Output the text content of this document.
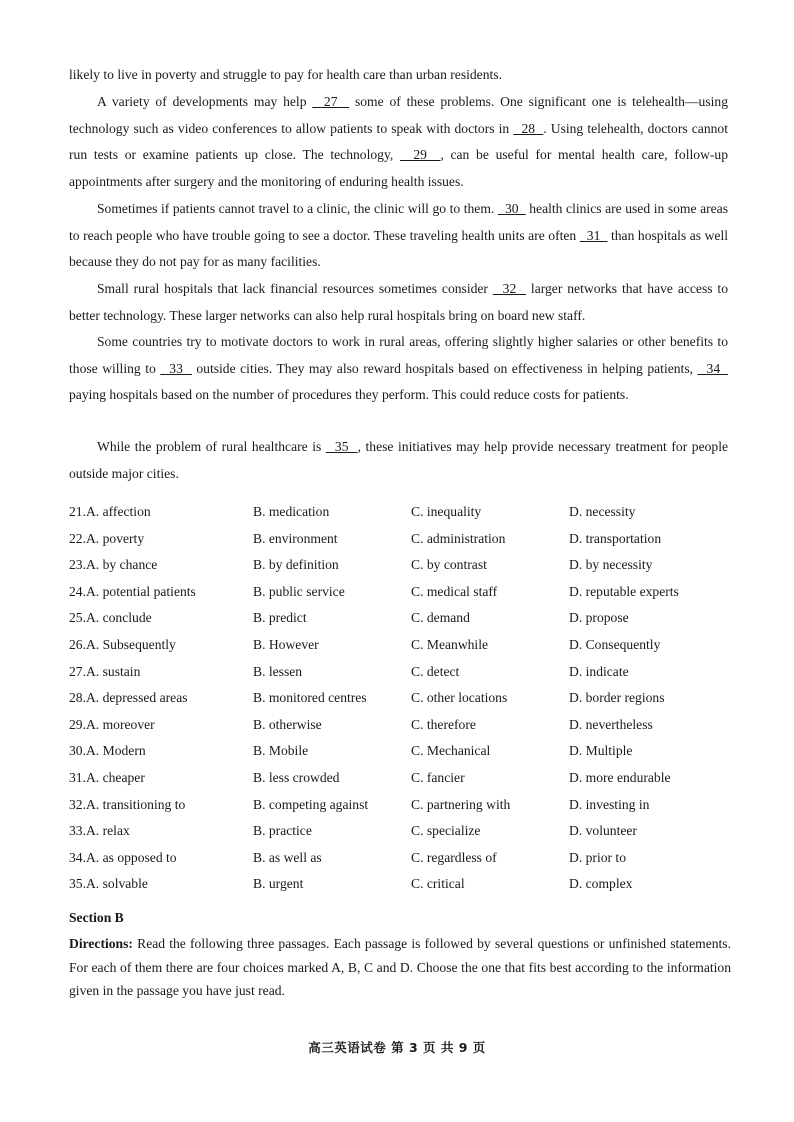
likely to live in poverty and struggle to pay for health care than urban residents.
A variety of developments may help   27   some of these problems. One significant one is telehealth—using technology such as video conferences to allow patients to speak with doctors in   28  . Using telehealth, doctors cannot run tests or examine patients up close. The technology,   29  , can be useful for mental health care, follow-up appointments after surgery and the monitoring of enduring health issues.
Sometimes if patients cannot travel to a clinic, the clinic will go to them.   30   health clinics are used in some areas to reach people who have trouble going to see a doctor. These traveling health units are often   31   than hospitals as well because they do not pay for as many facilities.
Small rural hospitals that lack financial resources sometimes consider   32   larger networks that have access to better technology. These larger networks can also help rural hospitals bring on board new staff.
Some countries try to motivate doctors to work in rural areas, offering slightly higher salaries or other benefits to those willing to   33   outside cities. They may also reward hospitals based on effectiveness in helping patients,   34   paying hospitals based on the number of procedures they perform. This could reduce costs for patients.
While the problem of rural healthcare is   35  , these initiatives may help provide necessary treatment for people outside major cities.
21.A. affection	B. medication	C. inequality	D. necessity
22.A. poverty	B. environment	C. administration	D. transportation
23.A. by chance	B. by definition	C. by contrast	D. by necessity
24.A. potential patients	B. public service	C. medical staff	D. reputable experts
25.A. conclude	B. predict	C. demand	D. propose
26.A. Subsequently	B. However	C. Meanwhile	D. Consequently
27.A. sustain	B. lessen	C. detect	D. indicate
28.A. depressed areas	B. monitored centres	C. other locations	D. border regions
29.A. moreover	B. otherwise	C. therefore	D. nevertheless
30.A. Modern	B. Mobile	C. Mechanical	D. Multiple
31.A. cheaper	B. less crowded	C. fancier	D. more endurable
32.A. transitioning to	B. competing against	C. partnering with	D. investing in
33.A. relax	B. practice	C. specialize	D. volunteer
34.A. as opposed to	B. as well as	C. regardless of	D. prior to
35.A. solvable	B. urgent	C. critical	D. complex
Section B
Directions: Read the following three passages. Each passage is followed by several questions or unfinished statements. For each of them there are four choices marked A, B, C and D. Choose the one that fits best according to the information given in the passage you have just read.
高三英语试卷 第 3 页 共 9 页
